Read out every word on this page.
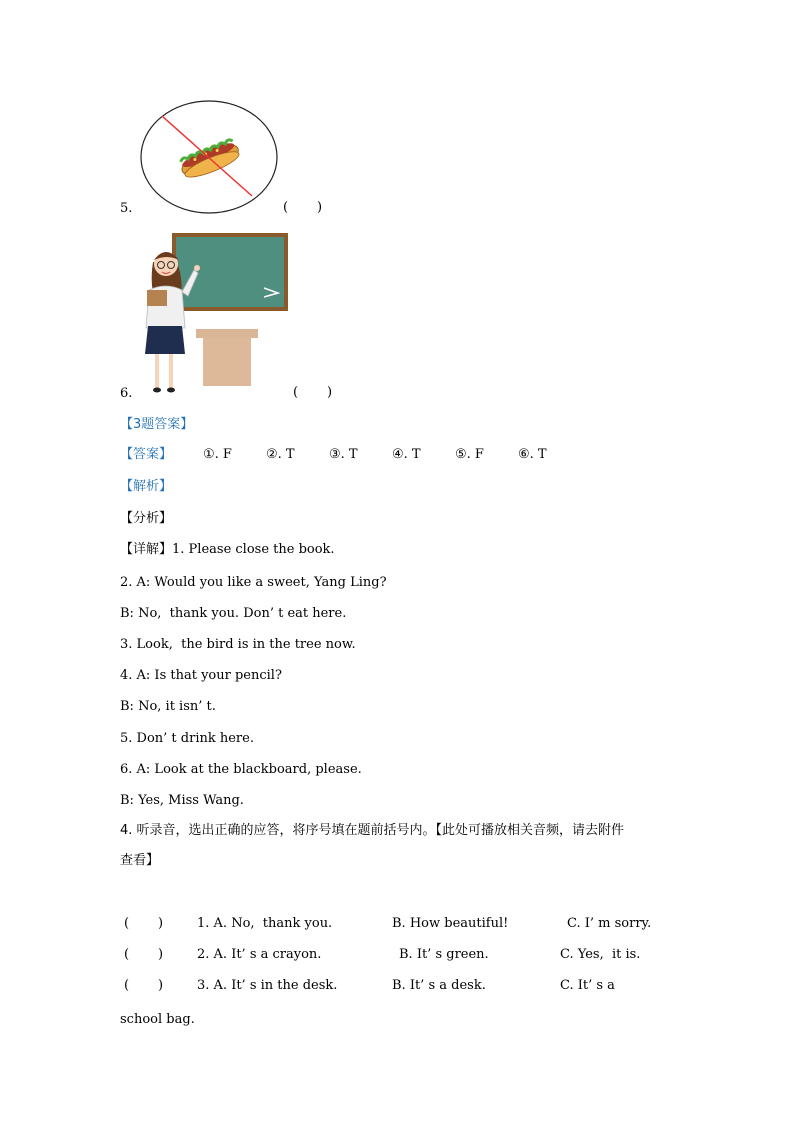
5.	(       )
6.	(       )
【3题答案】
【答案】 ①. F	②. T	③. T	④. T	⑤. F	⑥. T
【解析】
【分析】
【详解】1. Please close the book.
2. A: Would you like a sweet, Yang Ling?
B: No,  thank you. Don’ t eat here.
3. Look,  the bird is in the tree now.
4. A: Is that your pencil?
B: No, it isn’ t.
5. Don’ t drink here.
6. A: Look at the blackboard, please.
B: Yes, Miss Wang.
4. 听录音，选出正确的应答，将序号填在题前括号内。【此处可播放相关音频，请去附件
查看】
(       )	1. A. No,  thank you.	B. How beautiful!	C. I’ m sorry.
(       )	2. A. It’ s a crayon.	B. It’ s green.	C. Yes,  it is.
(       )	3. A. It’ s in the desk.	B. It’ s a desk.	C. It’ s a
school bag.
